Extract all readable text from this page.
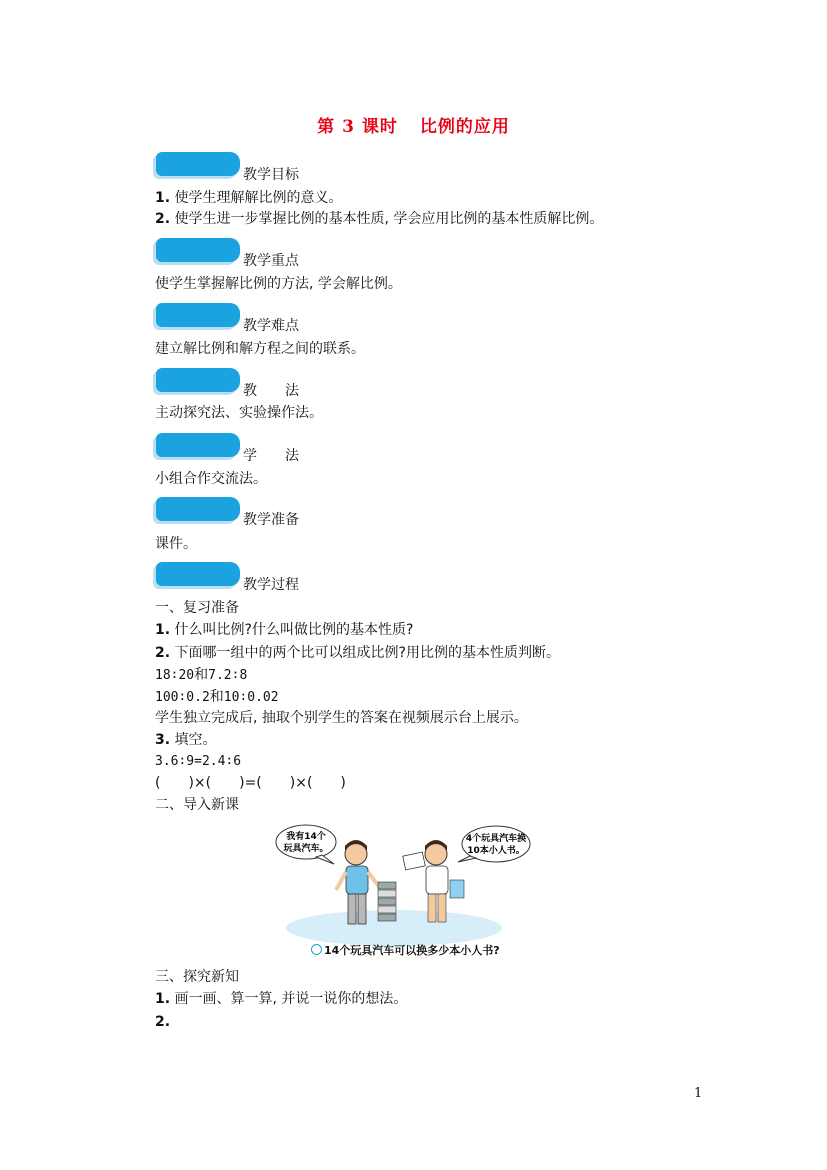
第 3 课时 比例的应用
教学目标
1. 使学生理解解比例的意义。
2. 使学生进一步掌握比例的基本性质, 学会应用比例的基本性质解比例。
教学重点
使学生掌握解比例的方法, 学会解比例。
教学难点
建立解比例和解方程之间的联系。
教　　法
主动探究法、实验操作法。
学　　法
小组合作交流法。
教学准备
课件。
教学过程
一、复习准备
1. 什么叫比例?什么叫做比例的基本性质?
2. 下面哪一组中的两个比可以组成比例?用比例的基本性质判断。
18∶20和7.2∶8
100∶0.2和10∶0.02
学生独立完成后, 抽取个别学生的答案在视频展示台上展示。
3. 填空。
3.6∶9=2.4∶6
(　　)×(　　)=(　　)×(　　)
二、导入新课
我有14个
玩具汽车。
4个玩具汽车换
10本小人书。
14个玩具汽车可以换多少本小人书?
三、探究新知
1. 画一画、算一算, 并说一说你的想法。
2.
1
